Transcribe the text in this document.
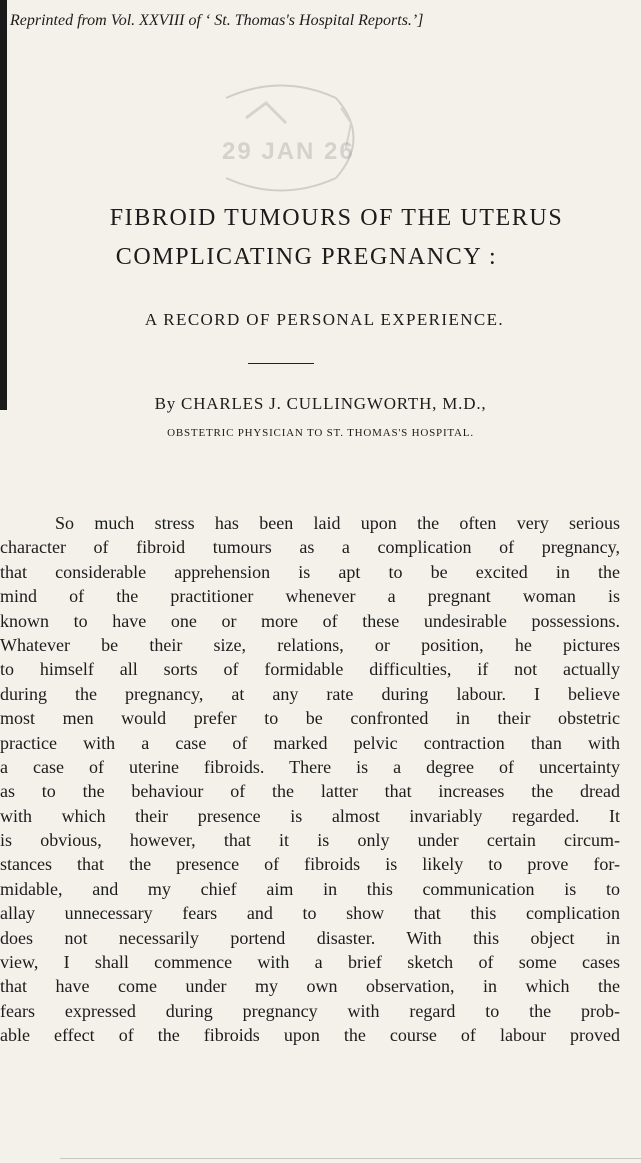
Reprinted from Vol. XXVIII of ‘ St. Thomas's Hospital Reports.’]
29 JAN 26
FIBROID TUMOURS OF THE UTERUS
COMPLICATING PREGNANCY :
A RECORD OF PERSONAL EXPERIENCE.
By CHARLES J. CULLINGWORTH, M.D.,
OBSTETRIC PHYSICIAN TO ST. THOMAS'S HOSPITAL.
So much stress has been laid upon the often very serious
character of fibroid tumours as a complication of pregnancy,
that considerable apprehension is apt to be excited in the
mind of the practitioner whenever a pregnant woman is
known to have one or more of these undesirable possessions.
Whatever be their size, relations, or position, he pictures
to himself all sorts of formidable difficulties, if not actually
during the pregnancy, at any rate during labour. I believe
most men would prefer to be confronted in their obstetric
practice with a case of marked pelvic contraction than with
a case of uterine fibroids. There is a degree of uncertainty
as to the behaviour of the latter that increases the dread
with which their presence is almost invariably regarded. It
is obvious, however, that it is only under certain circum-
stances that the presence of fibroids is likely to prove for-
midable, and my chief aim in this communication is to
allay unnecessary fears and to show that this complication
does not necessarily portend disaster. With this object in
view, I shall commence with a brief sketch of some cases
that have come under my own observation, in which the
fears expressed during pregnancy with regard to the prob-
able effect of the fibroids upon the course of labour proved
